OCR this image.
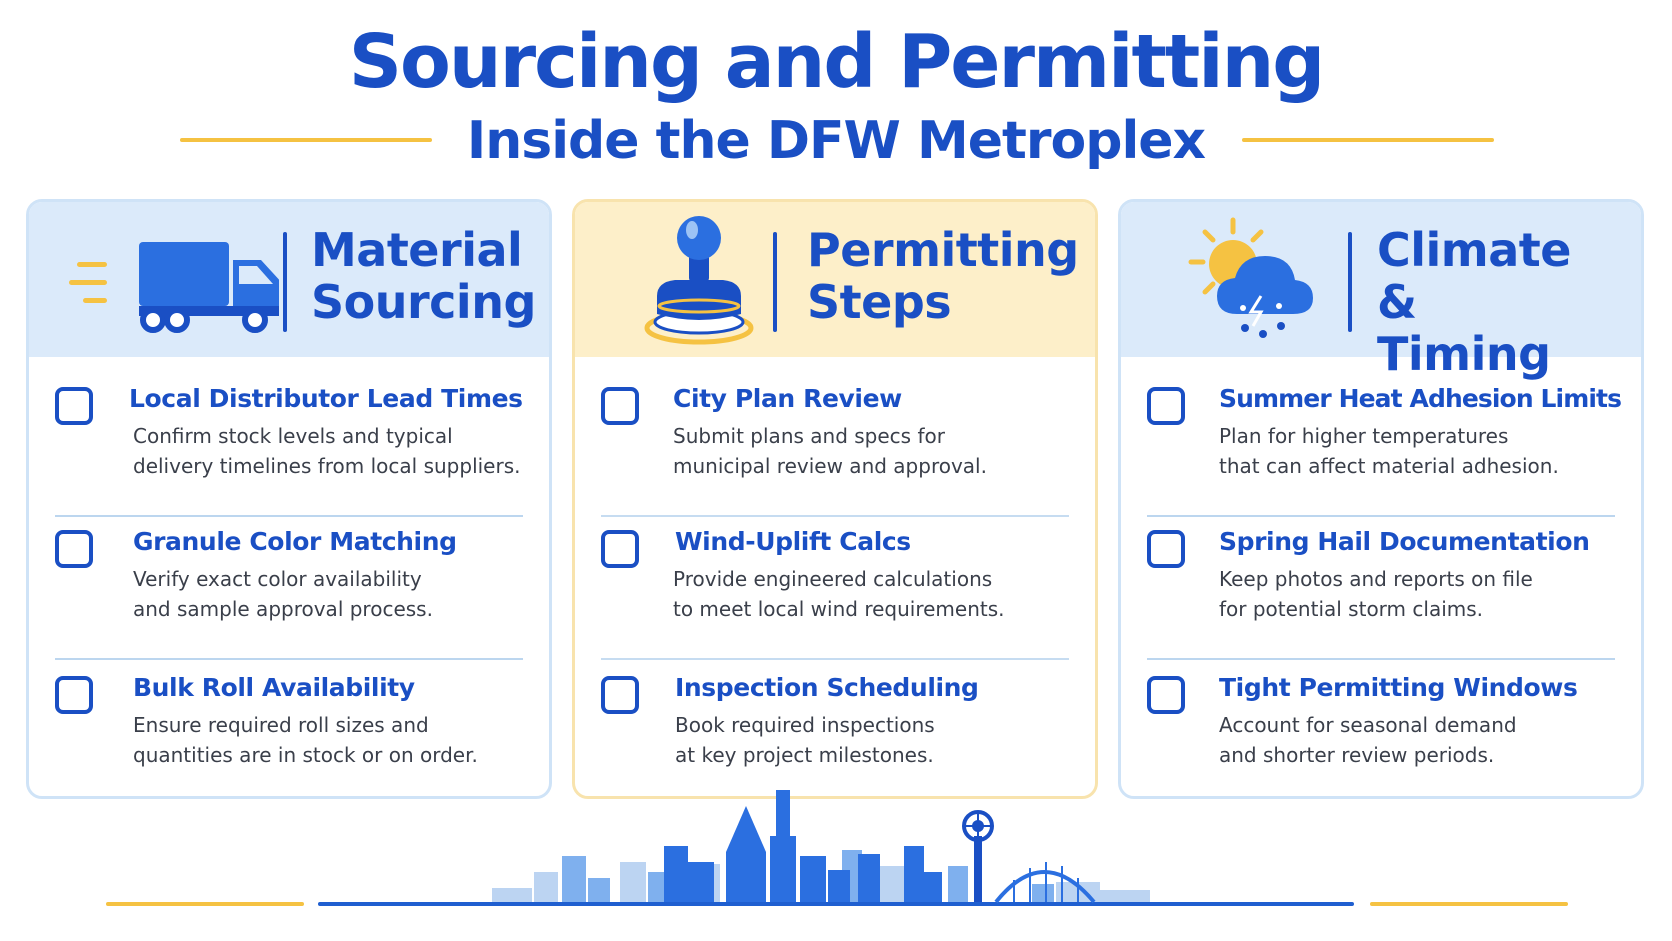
Sourcing and Permitting
Inside the DFW Metroplex
Material
Sourcing
Local Distributor Lead Times
Confirm stock levels and typical
delivery timelines from local suppliers.
Granule Color Matching
Verify exact color availability
and sample approval process.
Bulk Roll Availability
Ensure required roll sizes and
quantities are in stock or on order.
Permitting
Steps
City Plan Review
Submit plans and specs for
municipal review and approval.
Wind-Uplift Calcs
Provide engineered calculations
to meet local wind requirements.
Inspection Scheduling
Book required inspections
at key project milestones.
Climate &
Timing
Summer Heat Adhesion Limits
Plan for higher temperatures
that can affect material adhesion.
Spring Hail Documentation
Keep photos and reports on file
for potential storm claims.
Tight Permitting Windows
Account for seasonal demand
and shorter review periods.
